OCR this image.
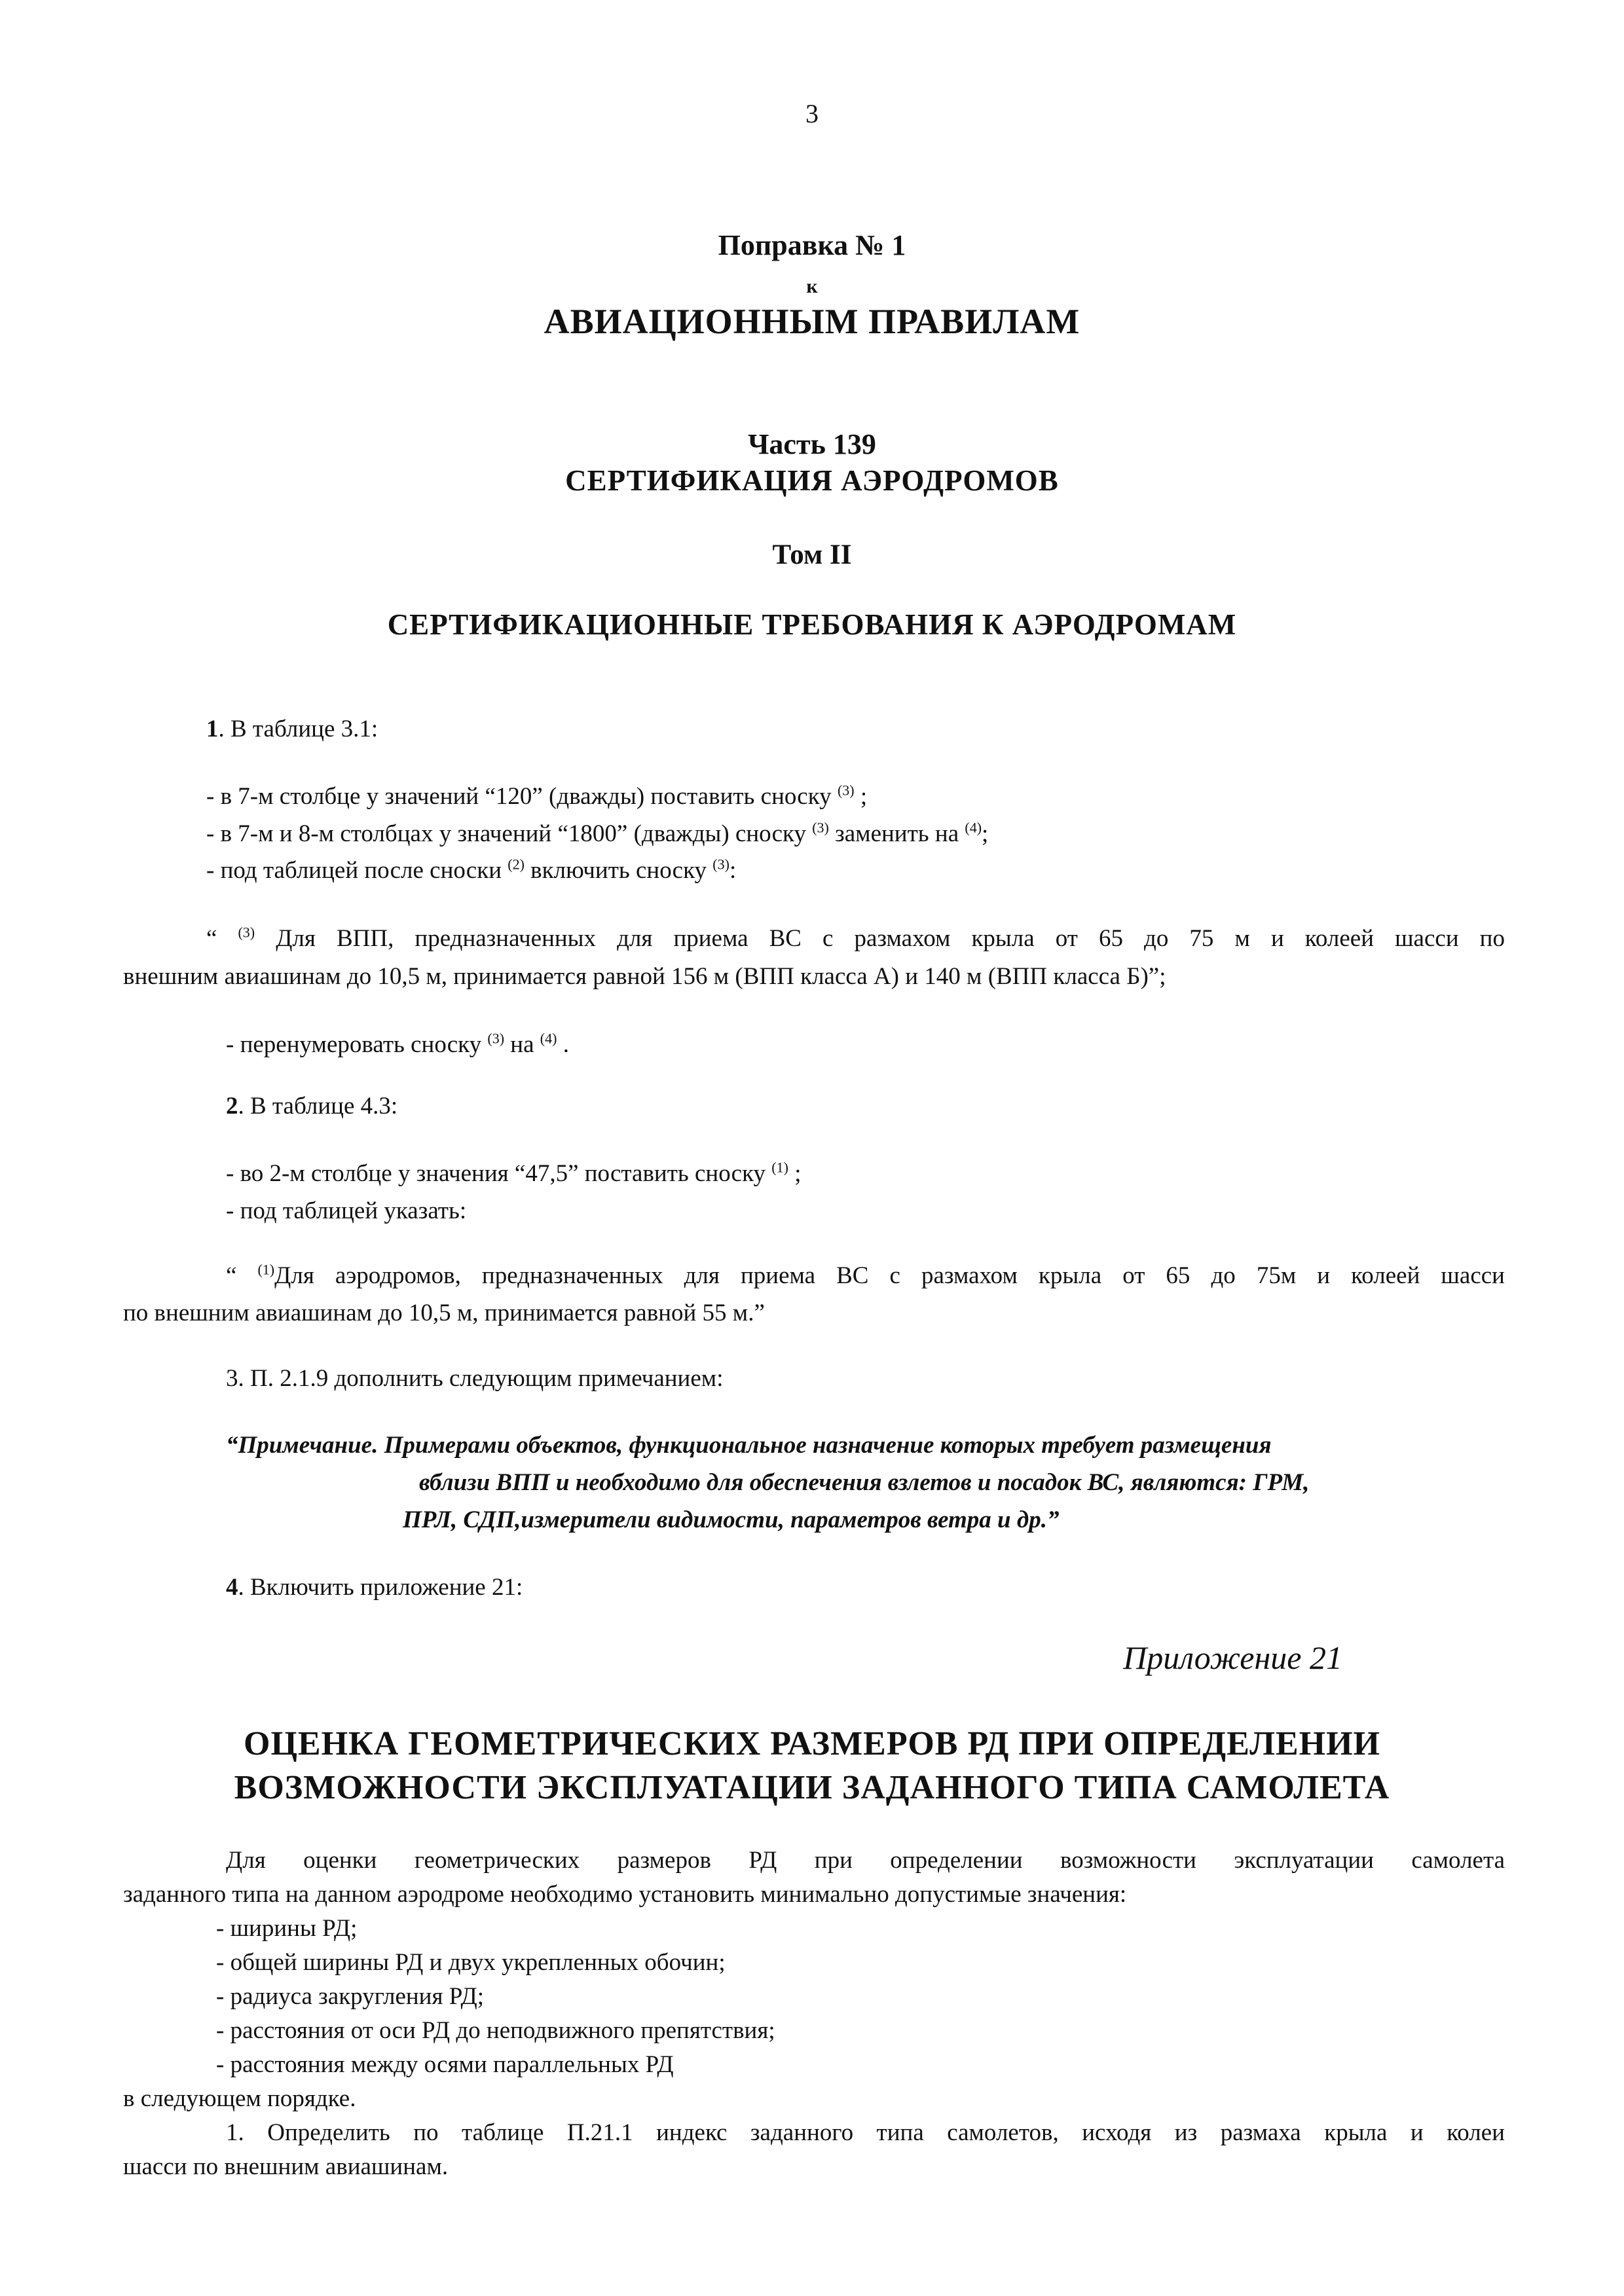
3
Поправка № 1
к
АВИАЦИОННЫМ ПРАВИЛАМ
Часть 139
СЕРТИФИКАЦИЯ АЭРОДРОМОВ
Том II
СЕРТИФИКАЦИОННЫЕ ТРЕБОВАНИЯ К АЭРОДРОМАМ
1. В таблице 3.1:
- в 7-м столбце у значений “120” (дважды) поставить сноску $^{(3)}$ ;
- в 7-м и 8-м столбцах у значений “1800” (дважды) сноску $^{(3)}$ заменить на $^{(4)}$;
- под таблицей после сноски $^{(2)}$ включить сноску $^{(3)}$:
“ $^{(3)}$ Для ВПП, предназначенных для приема ВС с размахом крыла от 65 до 75 м и колеей шасси по
внешним авиашинам до 10,5 м, принимается равной 156 м (ВПП класса А) и 140 м (ВПП класса Б)”;
- перенумеровать сноску $^{(3)}$ на $^{(4)}$ .
2. В таблице 4.3:
- во 2-м столбце у значения “47,5” поставить сноску $^{(1)}$ ;
- под таблицей указать:
“ $^{(1)}$Для аэродромов, предназначенных для приема ВС с размахом крыла от 65 до 75м и колеей шасси
по внешним авиашинам до 10,5 м, принимается равной 55 м.”
3. П. 2.1.9 дополнить следующим примечанием:
“Примечание. Примерами объектов, функциональное назначение которых требует размещения
вблизи ВПП и необходимо для обеспечения взлетов и посадок ВС, являются: ГРМ,
ПРЛ, СДП,измерители видимости, параметров ветра и др.”
4. Включить приложение 21:
Приложение 21
ОЦЕНКА ГЕОМЕТРИЧЕСКИХ РАЗМЕРОВ РД ПРИ ОПРЕДЕЛЕНИИ
ВОЗМОЖНОСТИ ЭКСПЛУАТАЦИИ ЗАДАННОГО ТИПА САМОЛЕТА
Для оценки геометрических размеров РД при определении возможности эксплуатации самолета
заданного типа на данном аэродроме необходимо установить минимально допустимые значения:
- ширины РД;
- общей ширины РД и двух укрепленных обочин;
- радиуса закругления РД;
- расстояния от оси РД до неподвижного препятствия;
- расстояния между осями параллельных РД
в следующем порядке.
1. Определить по таблице П.21.1 индекс заданного типа самолетов, исходя из размаха крыла и колеи
шасси по внешним авиашинам.
